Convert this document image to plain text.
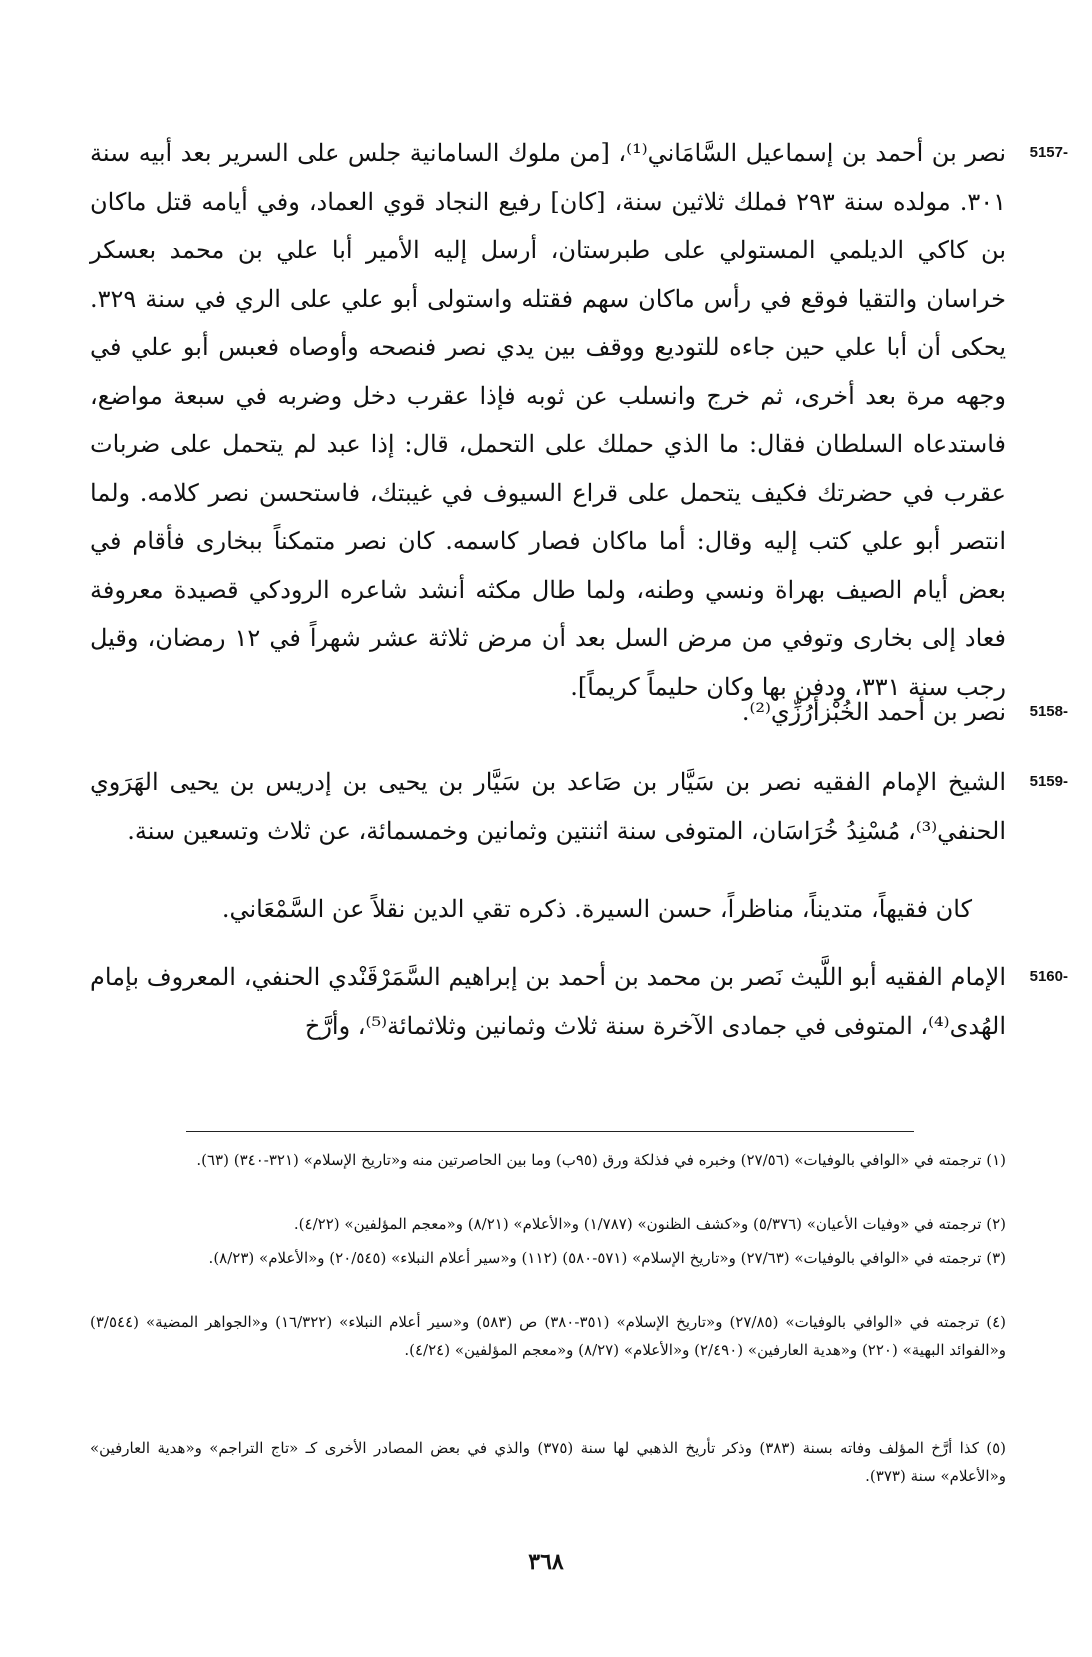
5157-
نصر بن أحمد بن إسماعيل السَّامَاني⁽¹⁾، [من ملوك السامانية جلس على السرير بعد أبيه سنة ٣٠١. مولده سنة ٢٩٣ فملك ثلاثين سنة، [كان] رفيع النجاد قوي العماد، وفي أيامه قتل ماكان بن كاكي الديلمي المستولي على طبرستان، أرسل إليه الأمير أبا علي بن محمد بعسكر خراسان والتقيا فوقع في رأس ماكان سهم فقتله واستولى أبو علي على الري في سنة ٣٢٩. يحكى أن أبا علي حين جاءه للتوديع ووقف بين يدي نصر فنصحه وأوصاه فعبس أبو علي في وجهه مرة بعد أخرى، ثم خرج وانسلب عن ثوبه فإذا عقرب دخل وضربه في سبعة مواضع، فاستدعاه السلطان فقال: ما الذي حملك على التحمل، قال: إذا عبد لم يتحمل على ضربات عقرب في حضرتك فكيف يتحمل على قراع السيوف في غيبتك، فاستحسن نصر كلامه. ولما انتصر أبو علي كتب إليه وقال: أما ماكان فصار كاسمه. كان نصر متمكناً ببخارى فأقام في بعض أيام الصيف بهراة ونسي وطنه، ولما طال مكثه أنشد شاعره الرودكي قصيدة معروفة فعاد إلى بخارى وتوفي من مرض السل بعد أن مرض ثلاثة عشر شهراً في ١٢ رمضان، وقيل رجب سنة ٣٣١، ودفن بها وكان حليماً كريماً].
5158-
نصر بن أحمد الخُبْزأَرُزِّي⁽²⁾.
5159-
الشيخ الإمام الفقيه نصر بن سَيَّار بن صَاعد بن سَيَّار بن يحيى بن إدريس بن يحيى الهَرَوي الحنفي⁽³⁾، مُسْنِدُ خُرَاسَان، المتوفى سنة اثنتين وثمانين وخمسمائة، عن ثلاث وتسعين سنة.
كان فقيهاً، متديناً، مناظراً، حسن السيرة. ذكره تقي الدين نقلاً عن السَّمْعَاني.
5160-
الإمام الفقيه أبو اللَّيث نَصر بن محمد بن أحمد بن إبراهيم السَّمَرْقَنْدي الحنفي، المعروف بإمام الهُدى⁽⁴⁾، المتوفى في جمادى الآخرة سنة ثلاث وثمانين وثلاثمائة⁽⁵⁾، وأرَّخ
(١) ترجمته في «الوافي بالوفيات» (٢٧/٥٦) وخبره في فذلكة ورق (٩٥ب) وما بين الحاصرتين منه و«تاريخ الإسلام» (٣٢١-٣٤٠) (٦٣).
(٢) ترجمته في «وفيات الأعيان» (٥/٣٧٦) و«كشف الظنون» (١/٧٨٧) و«الأعلام» (٨/٢١) و«معجم المؤلفين» (٤/٢٢).
(٣) ترجمته في «الوافي بالوفيات» (٢٧/٦٣) و«تاريخ الإسلام» (٥٧١-٥٨٠) (١١٢) و«سير أعلام النبلاء» (٢٠/٥٤٥) و«الأعلام» (٨/٢٣).
(٤) ترجمته في «الوافي بالوفيات» (٢٧/٨٥) و«تاريخ الإسلام» (٣٥١-٣٨٠) ص (٥٨٣) و«سير أعلام النبلاء» (١٦/٣٢٢) و«الجواهر المضية» (٣/٥٤٤) و«الفوائد البهية» (٢٢٠) و«هدية العارفين» (٢/٤٩٠) و«الأعلام» (٨/٢٧) و«معجم المؤلفين» (٤/٢٤).
(٥) كذا أرَّخ المؤلف وفاته بسنة (٣٨٣) وذكر تأريخ الذهبي لها سنة (٣٧٥) والذي في بعض المصادر الأخرى كـ «تاج التراجم» و«هدية العارفين» و«الأعلام» سنة (٣٧٣).
٣٦٨
